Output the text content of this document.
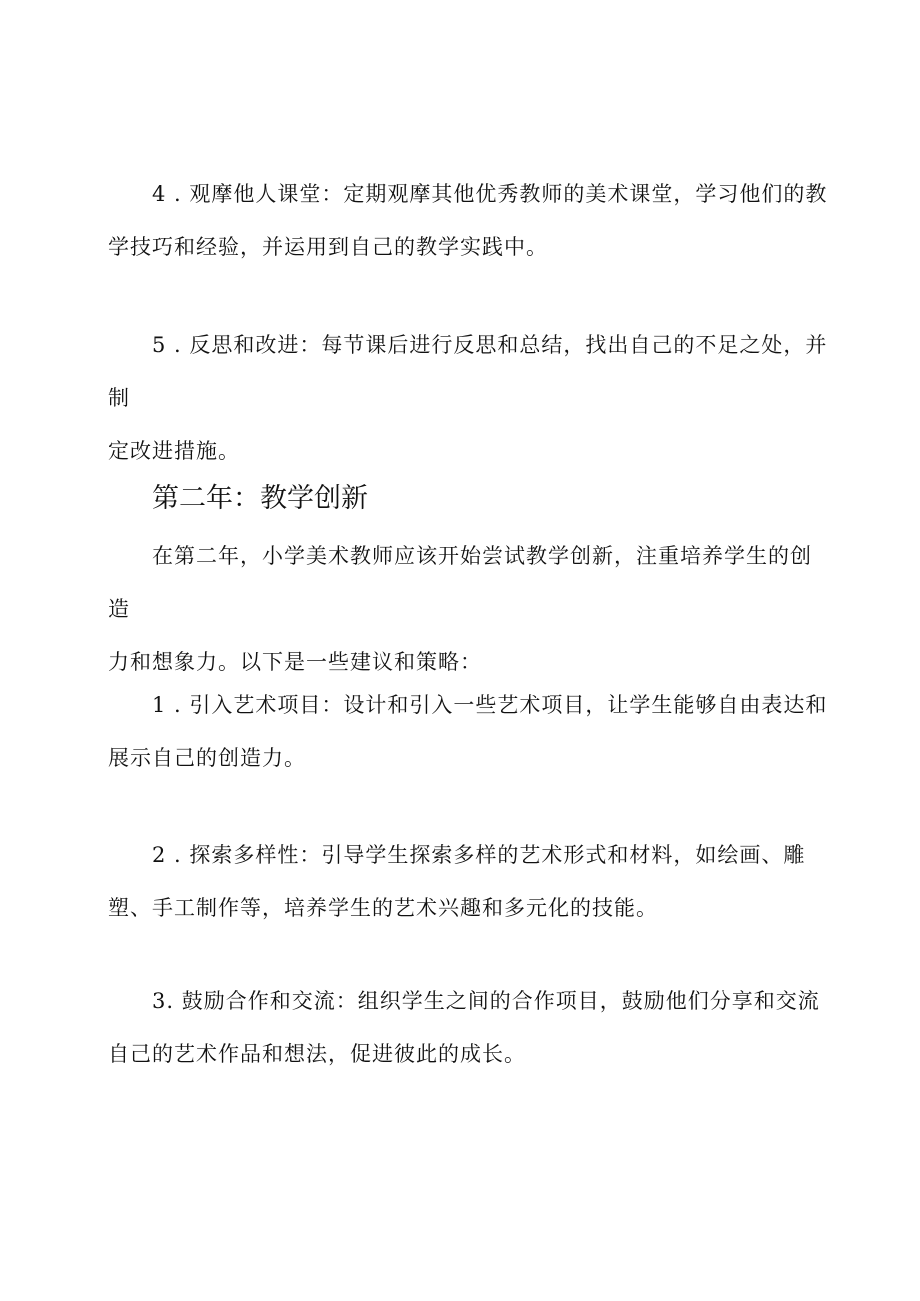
4 . 观摩他人课堂：定期观摩其他优秀教师的美术课堂，学习他们的教
学技巧和经验，并运用到自己的教学实践中。

5 . 反思和改进：每节课后进行反思和总结，找出自己的不足之处，并制
定改进措施。

第二年：教学创新

在第二年，小学美术教师应该开始尝试教学创新，注重培养学生的创造
力和想象力。以下是一些建议和策略：

1 . 引入艺术项目：设计和引入一些艺术项目，让学生能够自由表达和
展示自己的创造力。

2 . 探索多样性：引导学生探索多样的艺术形式和材料，如绘画、雕
塑、手工制作等，培养学生的艺术兴趣和多元化的技能。

3. 鼓励合作和交流：组织学生之间的合作项目，鼓励他们分享和交流
自己的艺术作品和想法，促进彼此的成长。
